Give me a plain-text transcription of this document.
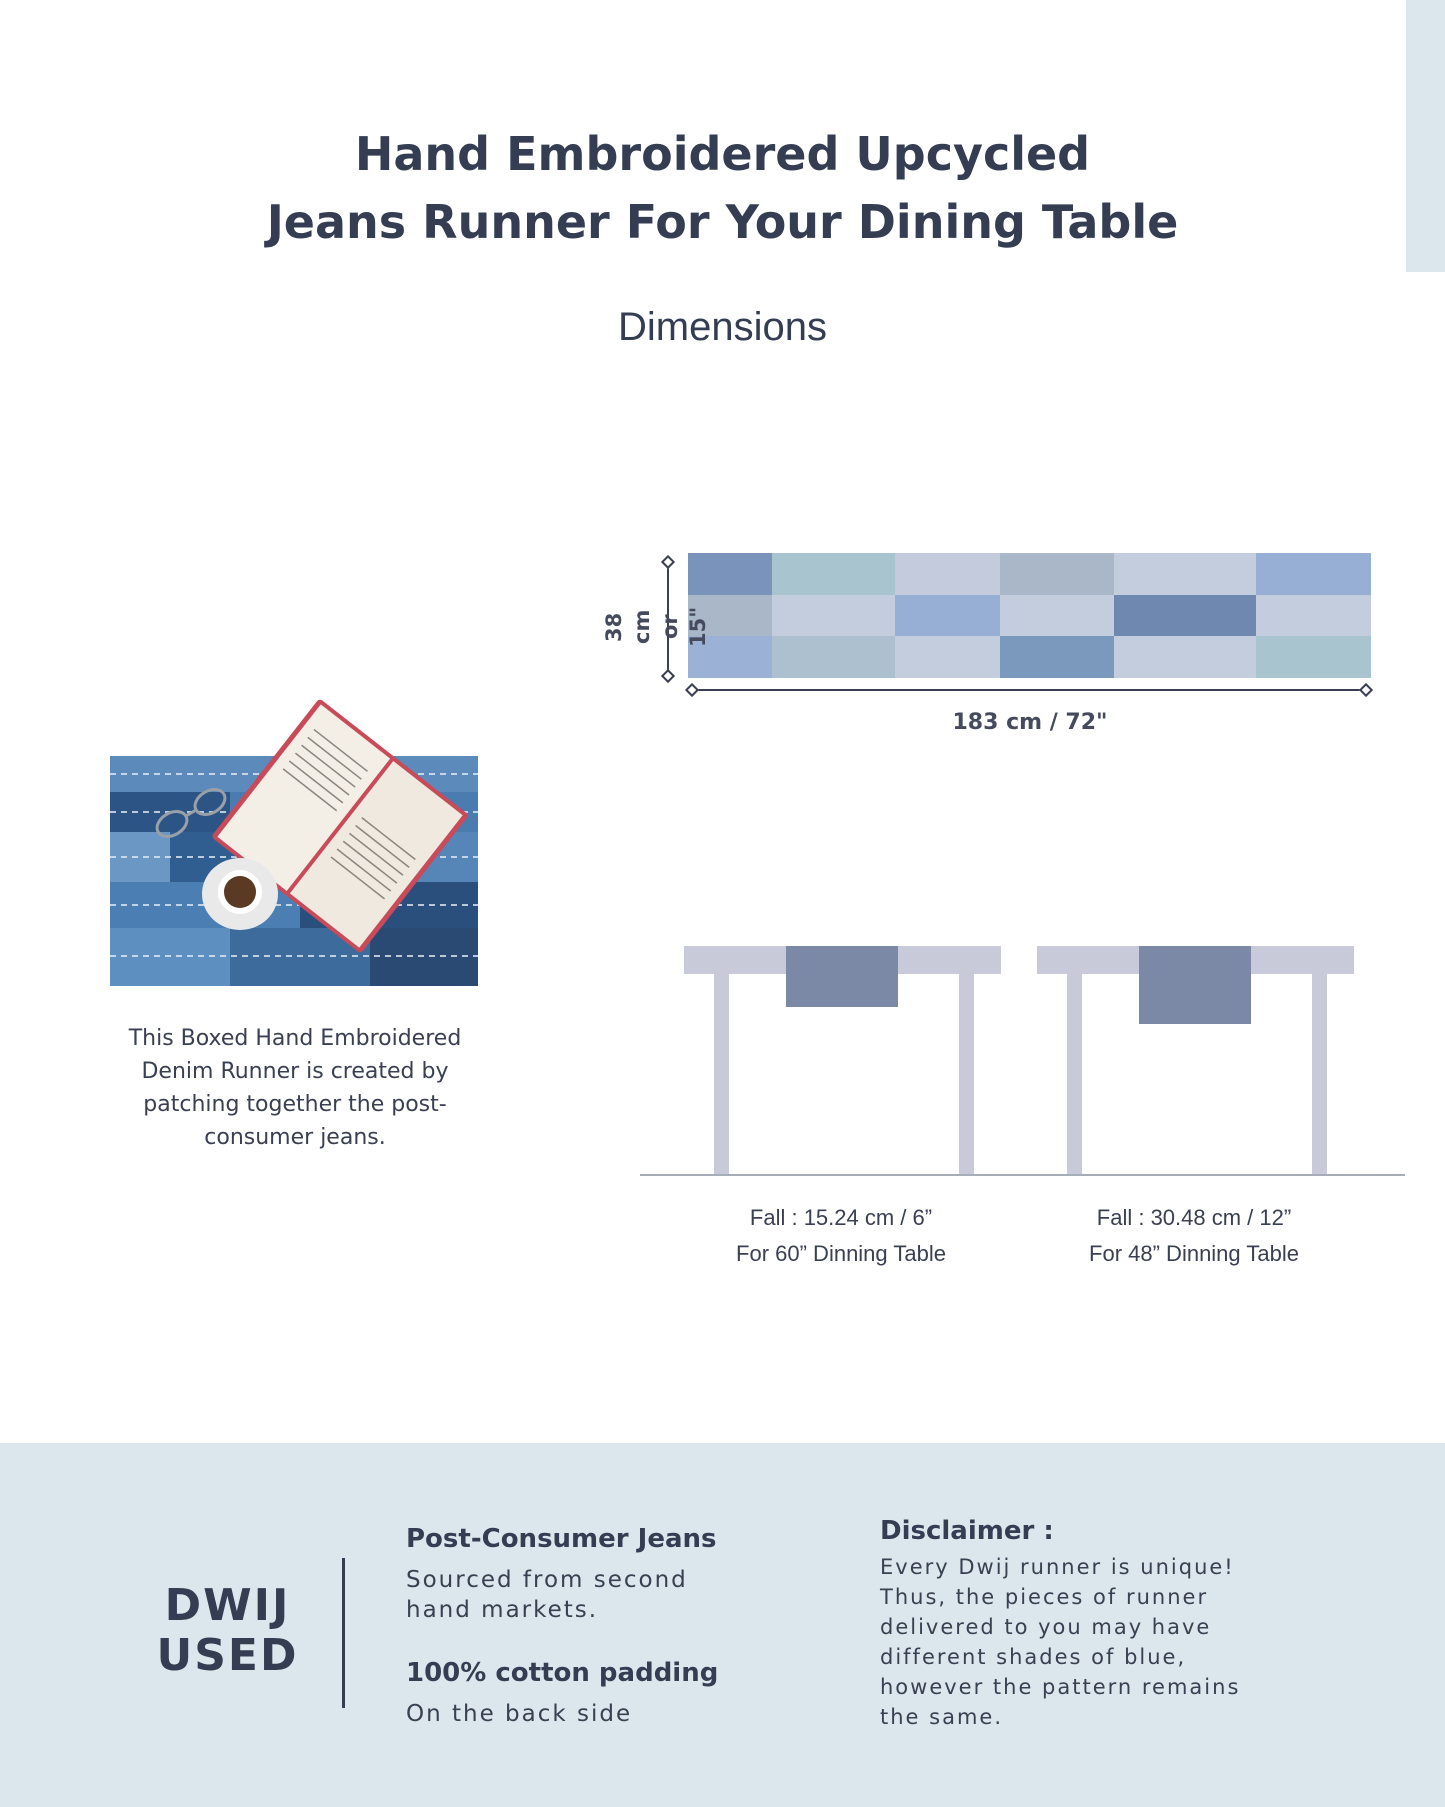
Hand Embroidered Upcycled
Jeans Runner For Your Dining Table
Dimensions
38 cm or 15"
183 cm / 72"
This Boxed Hand Embroidered Denim Runner is created by patching together the post-consumer jeans.
Fall : 15.24 cm / 6”
For 60” Dinning Table
Fall : 30.48 cm / 12”
For 48” Dinning Table
DWIJ
USED
Post-Consumer Jeans
Sourced from second
hand markets.
100% cotton padding
On the back side
Disclaimer :
Every Dwij runner is unique!
Thus, the pieces of runner
delivered to you may have
different shades of blue,
however the pattern remains
the same.
